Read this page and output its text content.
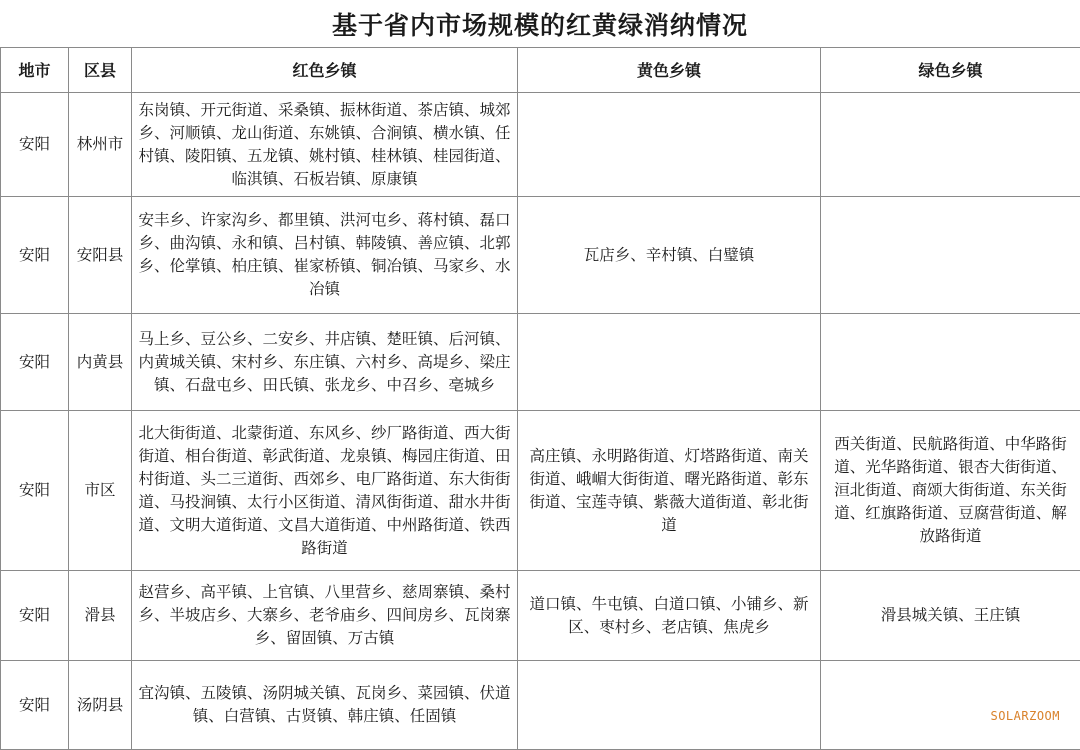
基于省内市场规模的红黄绿消纳情况
地市	区县	红色乡镇	黄色乡镇	绿色乡镇
安阳	林州市	东岗镇、开元街道、采桑镇、振林街道、茶店镇、城郊乡、河顺镇、龙山街道、东姚镇、合涧镇、横水镇、任村镇、陵阳镇、五龙镇、姚村镇、桂林镇、桂园街道、临淇镇、石板岩镇、原康镇		
安阳	安阳县	安丰乡、许家沟乡、都里镇、洪河屯乡、蒋村镇、磊口乡、曲沟镇、永和镇、吕村镇、韩陵镇、善应镇、北郭乡、伦掌镇、柏庄镇、崔家桥镇、铜冶镇、马家乡、水冶镇	瓦店乡、辛村镇、白璧镇	
安阳	内黄县	马上乡、豆公乡、二安乡、井店镇、楚旺镇、后河镇、内黄城关镇、宋村乡、东庄镇、六村乡、高堤乡、梁庄镇、石盘屯乡、田氏镇、张龙乡、中召乡、亳城乡		
安阳	市区	北大街街道、北蒙街道、东风乡、纱厂路街道、西大街街道、相台街道、彰武街道、龙泉镇、梅园庄街道、田村街道、头二三道街、西郊乡、电厂路街道、东大街街道、马投涧镇、太行小区街道、清风街街道、甜水井街道、文明大道街道、文昌大道街道、中州路街道、铁西路街道	高庄镇、永明路街道、灯塔路街道、南关街道、峨嵋大街街道、曙光路街道、彰东街道、宝莲寺镇、紫薇大道街道、彰北街道	西关街道、民航路街道、中华路街道、光华路街道、银杏大街街道、洹北街道、商颂大街街道、东关街道、红旗路街道、豆腐营街道、解放路街道
安阳	滑县	赵营乡、高平镇、上官镇、八里营乡、慈周寨镇、桑村乡、半坡店乡、大寨乡、老爷庙乡、四间房乡、瓦岗寨乡、留固镇、万古镇	道口镇、牛屯镇、白道口镇、小铺乡、新区、枣村乡、老店镇、焦虎乡	滑县城关镇、王庄镇
安阳	汤阴县	宜沟镇、五陵镇、汤阴城关镇、瓦岗乡、菜园镇、伏道镇、白营镇、古贤镇、韩庄镇、任固镇			SOLARZOOM
